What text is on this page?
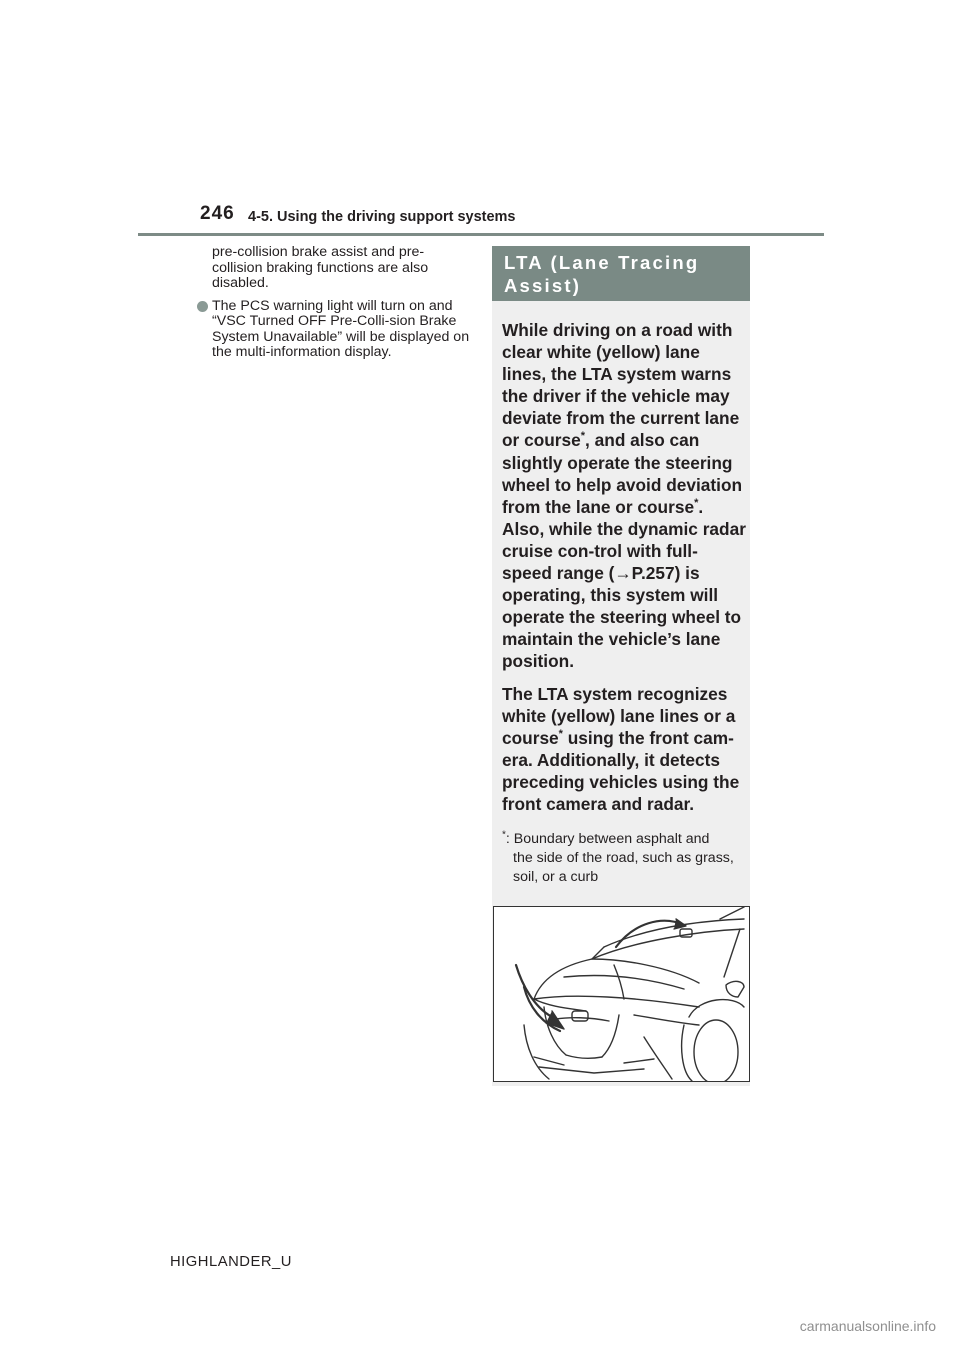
246 4-5. Using the driving support systems

pre-collision brake assist and pre-collision braking functions are also disabled.

The PCS warning light will turn on and “VSC Turned OFF Pre-Colli-sion Brake System Unavailable” will be displayed on the multi-information display.
LTA (Lane Tracing Assist)

While driving on a road with clear white (yellow) lane lines, the LTA system warns the driver if the vehicle may deviate from the current lane or course*, and also can slightly operate the steering wheel to help avoid deviation from the lane or course*. Also, while the dynamic radar cruise con-trol with full-speed range (→P.257) is operating, this system will operate the steering wheel to maintain the vehicle’s lane position.

The LTA system recognizes white (yellow) lane lines or a course* using the front cam-era. Additionally, it detects preceding vehicles using the front camera and radar.

*: Boundary between asphalt and
the side of the road, such as grass, soil, or a curb
HIGHLANDER_U
carmanualsonline.info
